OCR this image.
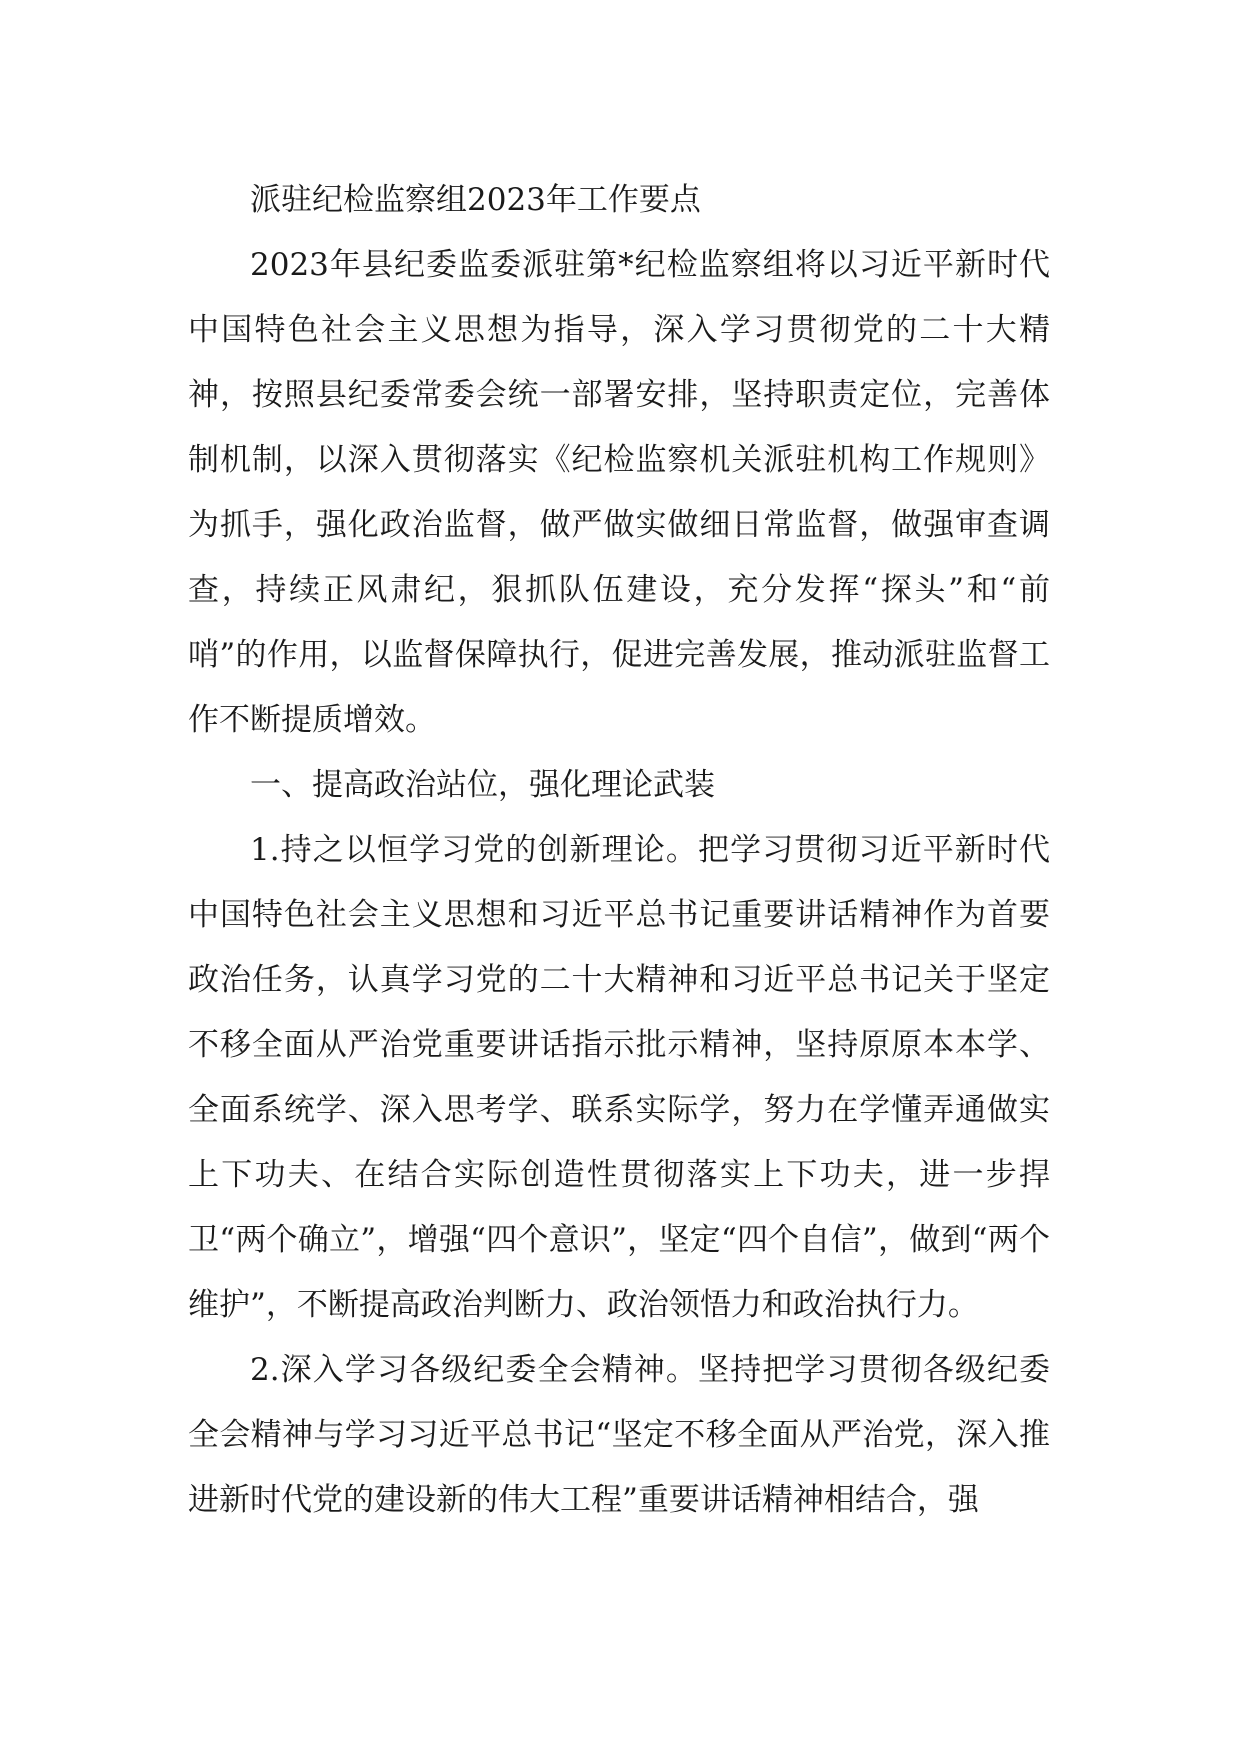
派驻纪检监察组2023年工作要点

2023年县纪委监委派驻第*纪检监察组将以习近平新时代中国特色社会主义思想为指导，深入学习贯彻党的二十大精神，按照县纪委常委会统一部署安排，坚持职责定位，完善体制机制，以深入贯彻落实《纪检监察机关派驻机构工作规则》为抓手，强化政治监督，做严做实做细日常监督，做强审查调查，持续正风肃纪，狠抓队伍建设，充分发挥“探头”和“前哨”的作用，以监督保障执行，促进完善发展，推动派驻监督工作不断提质增效。

一、提高政治站位，强化理论武装

1.持之以恒学习党的创新理论。把学习贯彻习近平新时代中国特色社会主义思想和习近平总书记重要讲话精神作为首要政治任务，认真学习党的二十大精神和习近平总书记关于坚定不移全面从严治党重要讲话指示批示精神，坚持原原本本学、全面系统学、深入思考学、联系实际学，努力在学懂弄通做实上下功夫、在结合实际创造性贯彻落实上下功夫，进一步捍卫“两个确立”，增强“四个意识”，坚定“四个自信”，做到“两个维护”，不断提高政治判断力、政治领悟力和政治执行力。

2.深入学习各级纪委全会精神。坚持把学习贯彻各级纪委全会精神与学习习近平总书记“坚定不移全面从严治党，深入推进新时代党的建设新的伟大工程”重要讲话精神相结合，强
